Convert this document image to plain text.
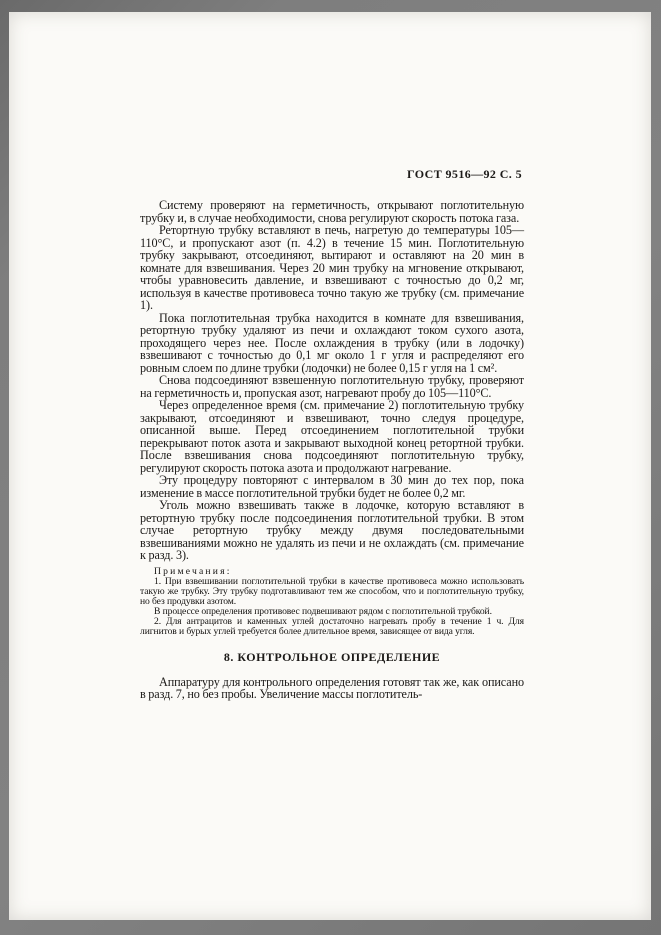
ГОСТ 9516—92 С. 5

Систему проверяют на герметичность, открывают поглотительную трубку и, в случае необходимости, снова регулируют скорость потока газа.

Ретортную трубку вставляют в печь, нагретую до температуры 105—110°С, и пропускают азот (п. 4.2) в течение 15 мин. Поглотительную трубку закрывают, отсоединяют, вытирают и оставляют на 20 мин в комнате для взвешивания. Через 20 мин трубку на мгновение открывают, чтобы уравновесить давление, и взвешивают с точностью до 0,2 мг, используя в качестве противовеса точно такую же трубку (см. примечание 1).

Пока поглотительная трубка находится в комнате для взвешивания, ретортную трубку удаляют из печи и охлаждают током сухого азота, проходящего через нее. После охлаждения в трубку (или в лодочку) взвешивают с точностью до 0,1 мг около 1 г угля и распределяют его ровным слоем по длине трубки (лодочки) не более 0,15 г угля на 1 см².

Снова подсоединяют взвешенную поглотительную трубку, проверяют на герметичность и, пропуская азот, нагревают пробу до 105—110°С.

Через определенное время (см. примечание 2) поглотительную трубку закрывают, отсоединяют и взвешивают, точно следуя процедуре, описанной выше. Перед отсоединением поглотительной трубки перекрывают поток азота и закрывают выходной конец ретортной трубки. После взвешивания снова подсоединяют поглотительную трубку, регулируют скорость потока азота и продолжают нагревание.

Эту процедуру повторяют с интервалом в 30 мин до тех пор, пока изменение в массе поглотительной трубки будет не более 0,2 мг.

Уголь можно взвешивать также в лодочке, которую вставляют в ретортную трубку после подсоединения поглотительной трубки. В этом случае ретортную трубку между двумя последовательными взвешиваниями можно не удалять из печи и не охлаждать (см. примечание к разд. 3).

Примечания:

1. При взвешивании поглотительной трубки в качестве противовеса можно использовать такую же трубку. Эту трубку подготавливают тем же способом, что и поглотительную трубку, но без продувки азотом.

В процессе определения противовес подвешивают рядом с поглотительной трубкой.

2. Для антрацитов и каменных углей достаточно нагревать пробу в течение 1 ч. Для лигнитов и бурых углей требуется более длительное время, зависящее от вида угля.

8. КОНТРОЛЬНОЕ ОПРЕДЕЛЕНИЕ

Аппаратуру для контрольного определения готовят так же, как описано в разд. 7, но без пробы. Увеличение массы поглотитель-
